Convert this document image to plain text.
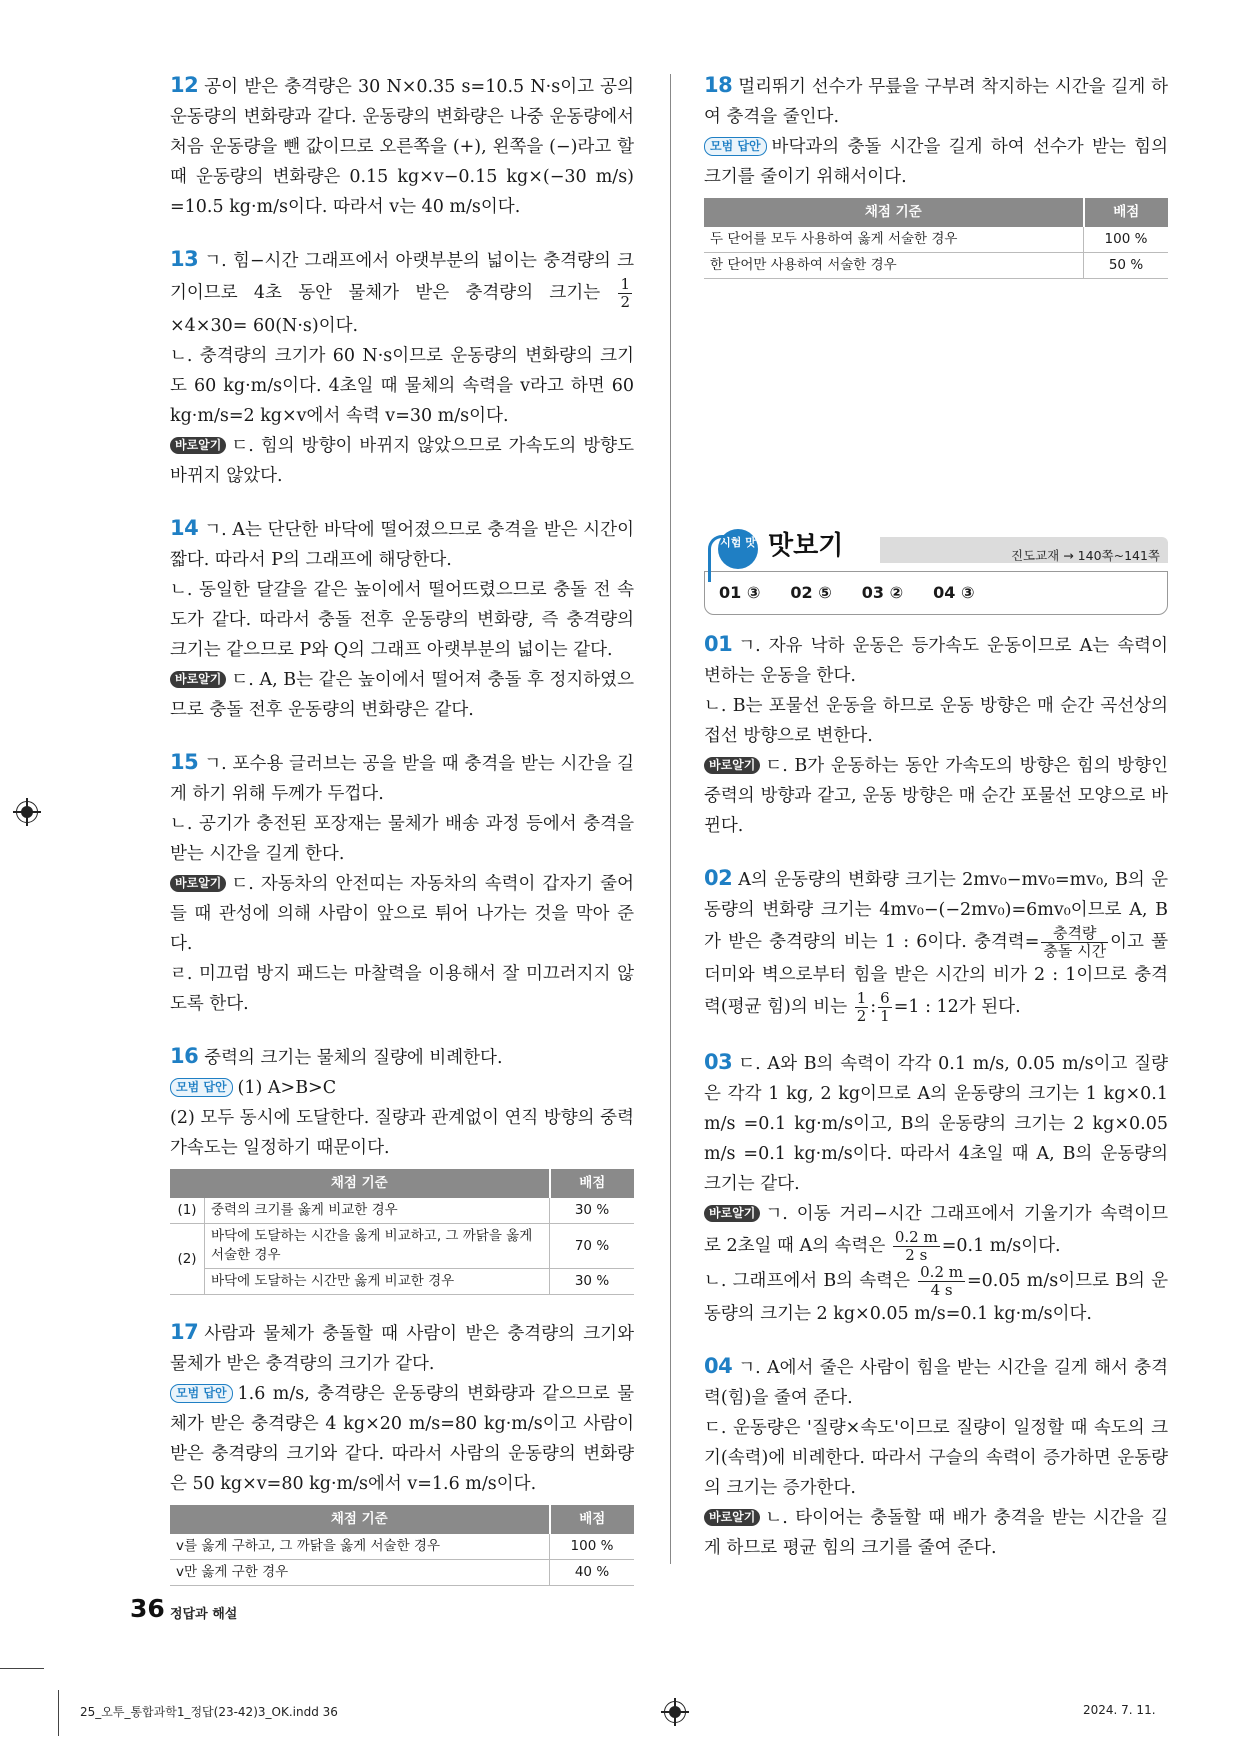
12 공이 받은 충격량은 30 N×0.35 s=10.5 N·s이고 공의 운동량의 변화량과 같다. 운동량의 변화량은 나중 운동량에서 처음 운동량을 뺀 값이므로 오른쪽을 (+), 왼쪽을 (−)라고 할 때 운동량의 변화량은 0.15 kg×v−0.15 kg×(−30 m/s) =10.5 kg·m/s이다. 따라서 v는 40 m/s이다.

13 ㄱ. 힘−시간 그래프에서 아랫부분의 넓이는 충격량의 크기이므로 4초 동안 물체가 받은 충격량의 크기는 $\frac{1}{2}$
×4×30= 60(N·s)이다.

ㄴ. 충격량의 크기가 60 N·s이므로 운동량의 변화량의 크기도 60 kg·m/s이다. 4초일 때 물체의 속력을 v라고 하면 60 kg·m/s=2 kg×v에서 속력 v=30 m/s이다.

바로알기 ㄷ. 힘의 방향이 바뀌지 않았으므로 가속도의 방향도 바뀌지 않았다.

14 ㄱ. A는 단단한 바닥에 떨어졌으므로 충격을 받은 시간이 짧다. 따라서 P의 그래프에 해당한다.

ㄴ. 동일한 달걀을 같은 높이에서 떨어뜨렸으므로 충돌 전 속도가 같다. 따라서 충돌 전후 운동량의 변화량, 즉 충격량의 크기는 같으므로 P와 Q의 그래프 아랫부분의 넓이는 같다.

바로알기 ㄷ. A, B는 같은 높이에서 떨어져 충돌 후 정지하였으므로 충돌 전후 운동량의 변화량은 같다.

15 ㄱ. 포수용 글러브는 공을 받을 때 충격을 받는 시간을 길게 하기 위해 두께가 두껍다.

ㄴ. 공기가 충전된 포장재는 물체가 배송 과정 등에서 충격을 받는 시간을 길게 한다.

바로알기 ㄷ. 자동차의 안전띠는 자동차의 속력이 갑자기 줄어들 때 관성에 의해 사람이 앞으로 튀어 나가는 것을 막아 준다.

ㄹ. 미끄럼 방지 패드는 마찰력을 이용해서 잘 미끄러지지 않도록 한다.

16 중력의 크기는 물체의 질량에 비례한다.

모범 답안 (1) A>B>C

(2) 모두 동시에 도달한다. 질량과 관계없이 연직 방향의 중력 가속도는 일정하기 때문이다.

채점 기준		배점
(1)	중력의 크기를 옳게 비교한 경우	30 %
(2)	바닥에 도달하는 시간을 옳게 비교하고, 그 까닭을 옳게 서술한 경우	70 %
	바닥에 도달하는 시간만 옳게 비교한 경우	30 %

17 사람과 물체가 충돌할 때 사람이 받은 충격량의 크기와 물체가 받은 충격량의 크기가 같다.

모범 답안 1.6 m/s, 충격량은 운동량의 변화량과 같으므로 물체가 받은 충격량은 4 kg×20 m/s=80 kg·m/s이고 사람이 받은 충격량의 크기와 같다. 따라서 사람의 운동량의 변화량은 50 kg×v=80 kg·m/s에서 v=1.6 m/s이다.

채점 기준	배점
v를 옳게 구하고, 그 까닭을 옳게 서술한 경우	100 %
v만 옳게 구한 경우	40 %

18 멀리뛰기 선수가 무릎을 구부려 착지하는 시간을 길게 하여 충격을 줄인다.

모범 답안 바닥과의 충돌 시간을 길게 하여 선수가 받는 힘의 크기를 줄이기 위해서이다.

채점 기준	배점
두 단어를 모두 사용하여 옳게 서술한 경우	100 %
한 단어만 사용하여 서술한 경우	50 %
시험 맛 맛보기	진도교재 → 140쪽~141쪽
01 ③ 02 ⑤ 03 ② 04 ③

01 ㄱ. 자유 낙하 운동은 등가속도 운동이므로 A는 속력이 변하는 운동을 한다.

ㄴ. B는 포물선 운동을 하므로 운동 방향은 매 순간 곡선상의 접선 방향으로 변한다.

바로알기 ㄷ. B가 운동하는 동안 가속도의 방향은 힘의 방향인 중력의 방향과 같고, 운동 방향은 매 순간 포물선 모양으로 바뀐다.

02 A의 운동량의 변화량 크기는 2mv₀−mv₀=mv₀, B의 운동량의 변화량 크기는 4mv₀−(−2mv₀)=6mv₀이므로 A, B가 받은 충격량의 비는 1 : 6이다. 충격력= $\frac{\text{충격량}}{\text{충돌 시간}}$ 이고 풀더미와 벽으로부터 힘을 받은 시간의 비가 2 : 1이므로 충격력(평균 힘)의 비는 $\frac{1}{2}$ : $\frac{6}{1} =1$ : 12가 된다.

03 ㄷ. A와 B의 속력이 각각 0.1 m/s, 0.05 m/s이고 질량은 각각 1 kg, 2 kg이므로 A의 운동량의 크기는 1 kg×0.1 m/s =0.1 kg·m/s이고, B의 운동량의 크기는 2 kg×0.05 m/s =0.1 kg·m/s이다. 따라서 4초일 때 A, B의 운동량의 크기는 같다.

바로알기 ㄱ. 이동 거리−시간 그래프에서 기울기가 속력이므로 2초일 때 A의 속력은 $\frac{0.2 m}{2 s} =0.1$ m/s이다.

ㄴ. 그래프에서 B의 속력은 $\frac{0.2 m}{4 s} =0.05$ m/s이므로 B의 운동량의 크기는 2 kg×0.05 m/s=0.1 kg·m/s이다.

04 ㄱ. A에서 줄은 사람이 힘을 받는 시간을 길게 해서 충격력(힘)을 줄여 준다.

ㄷ. 운동량은 '질량×속도'이므로 질량이 일정할 때 속도의 크기(속력)에 비례한다. 따라서 구슬의 속력이 증가하면 운동량의 크기는 증가한다.

바로알기 ㄴ. 타이어는 충돌할 때 배가 충격을 받는 시간을 길게 하므로 평균 힘의 크기를 줄여 준다.

36 정답과 해설
25_오투_통합과학1_정답(23-42)3_OK.indd 36	2024. 7. 11.
